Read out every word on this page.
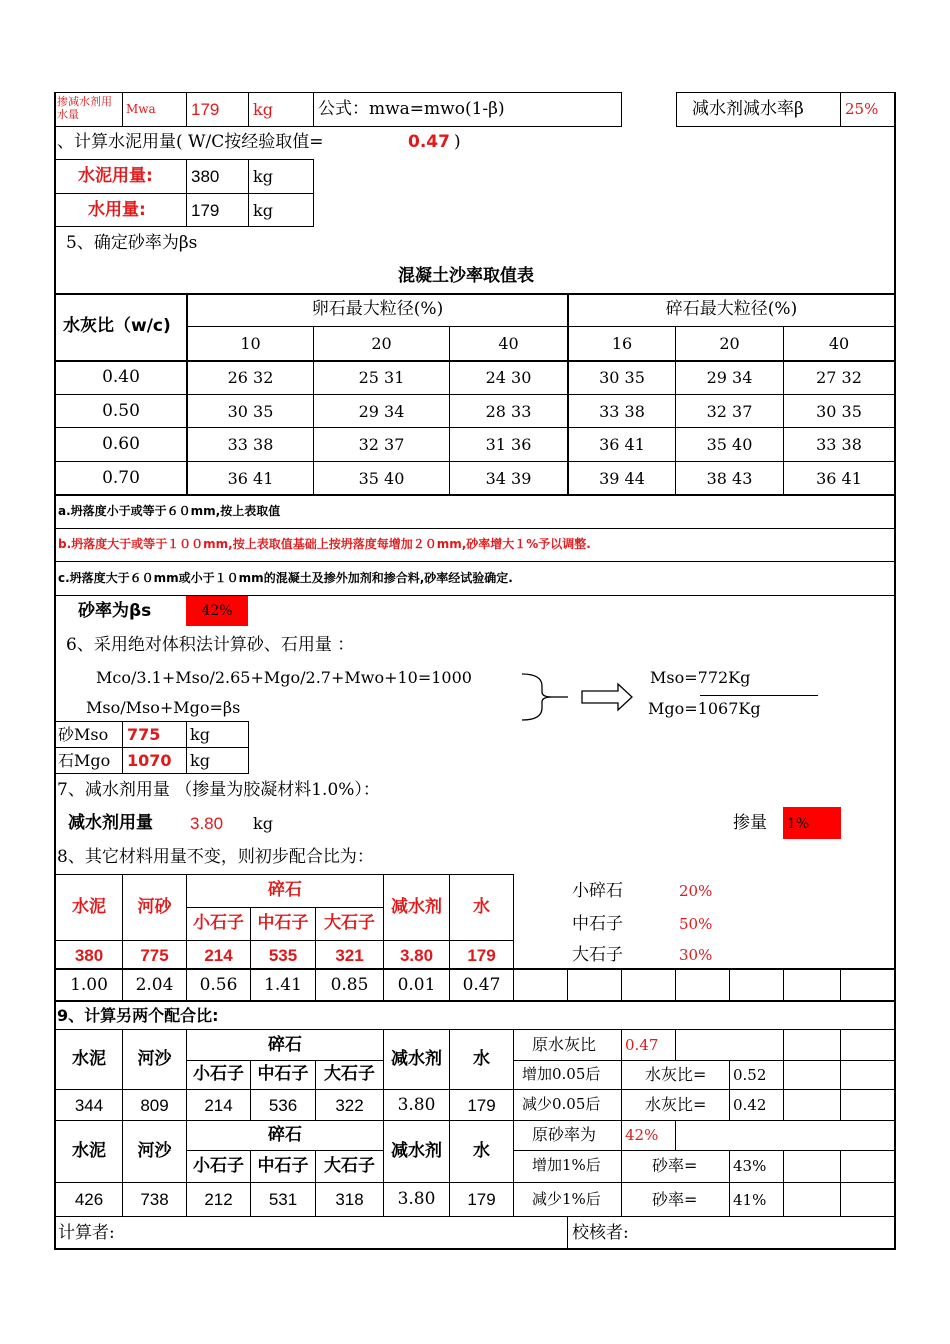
掺减水剂用水量	Mwa 179 kg	公式：mwa=mwo(1-β)	减水剂减水率β	25%
、计算水泥用量( W/C按经验取值=	0.47 )
水泥用量: 380 kg
水用量:	179 kg
5、确定砂率为βs
混凝土沙率取值表
水灰比（w/c)
卵石最大粒径(%)	碎石最大粒径(%)
10	20	40	16	20	40
0.40	26 32	25 31	24 30	30 35	29 34	27 32
0.50	30 35	29 34	28 33	33 38	32 37	30 35
0.60	33 38	32 37	31 36	36 41	35 40	33 38
0.70	36 41	35 40	34 39	39 44	38 43	36 41
a.坍落度小于或等于６０mm,按上表取值
b.坍落度大于或等于１００mm,按上表取值基础上按坍落度每增加２０mm,砂率增大１%予以调整.
c.坍落度大于６０mm或小于１０mm的混凝土及掺外加剂和掺合料,砂率经试验确定.
砂率为βs	42%
6、采用绝对体积法计算砂、石用量 ：
Mco/3.1+Mso/2.65+Mgo/2.7+Mwo+10=1000
Mso/Mso+Mgo=βs
Mso=772Kg
Mgo=1067Kg
砂Mso 775 kg
石Mgo 1070 kg
7、减水剂用量 （掺量为胶凝材料1.0%）：
减水剂用量 3.80 kg	掺量 1%
8、其它材料用量不变，则初步配合比为：
水泥	河砂
碎石
小石子 中石子 大石子
减水剂	水
380	775	214	535	321	3.80	179
1.00	2.04	0.56	1.41	0.85	0.01	0.47
小碎石	20%
中石子	50%
大石子	30%
9、计算另两个配合比:
水泥	河沙
碎石
小石子 中石子 大石子
减水剂	水
344	809	214	536	322	3.80	179
原水灰比 0.47
增加0.05后	水灰比= 0.52
减少0.05后	水灰比= 0.42
水泥	河沙
碎石
小石子 中石子 大石子
减水剂	水
426	738	212	531	318	3.80	179
原砂率为 42%
增加1%后	砂率= 43%
减少1%后	砂率= 41%
计算者:	校核者:
